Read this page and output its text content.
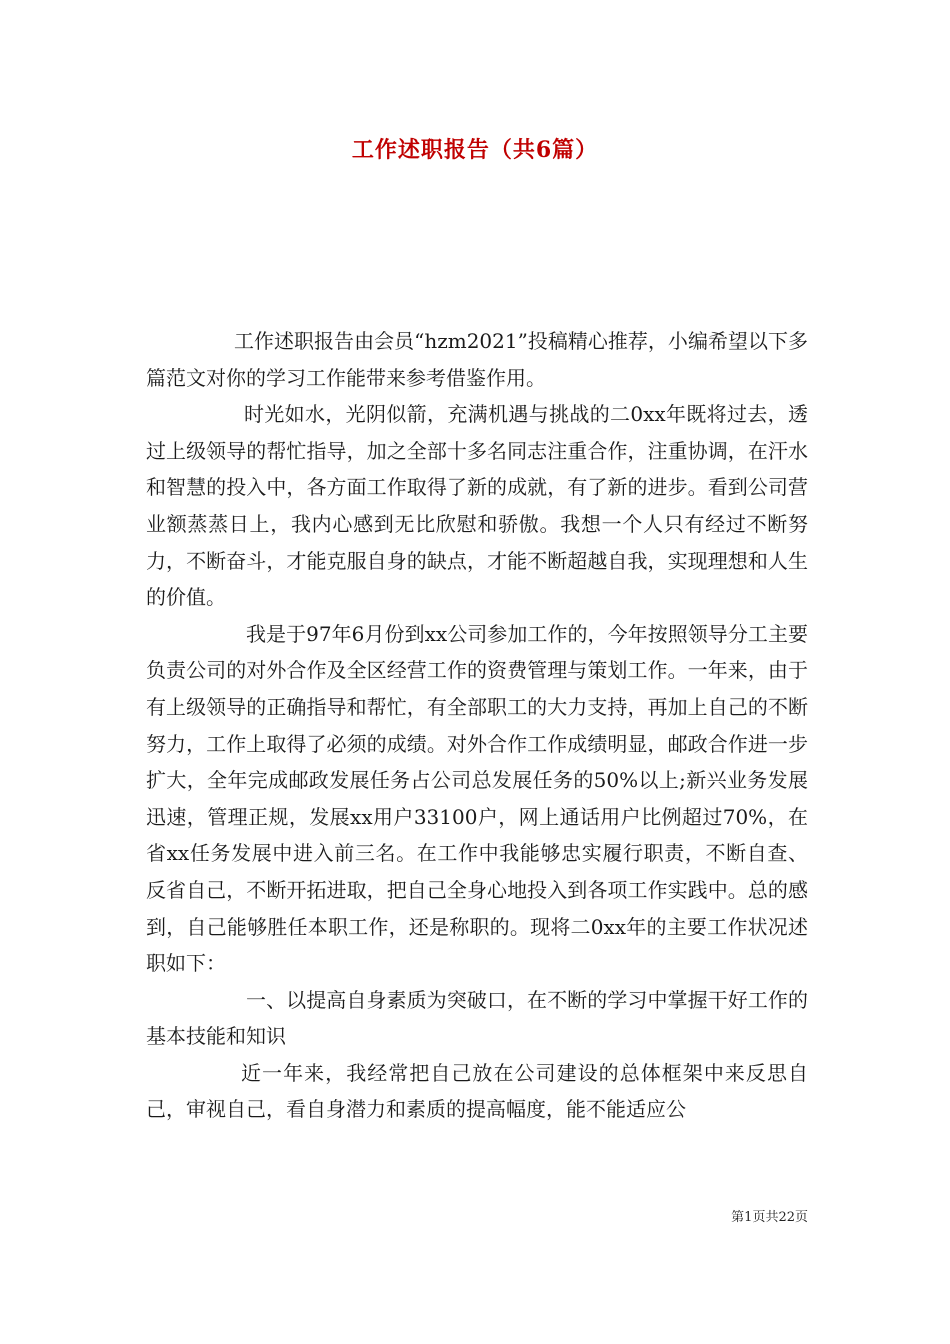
工作述职报告（共6篇）

工作述职报告由会员“hzm2021”投稿精心推荐，小编希望以下多篇范文对你的学习工作能带来参考借鉴作用。

时光如水，光阴似箭，充满机遇与挑战的二0xx年既将过去，透过上级领导的帮忙指导，加之全部十多名同志注重合作，注重协调，在汗水和智慧的投入中，各方面工作取得了新的成就，有了新的进步。看到公司营业额蒸蒸日上，我内心感到无比欣慰和骄傲。我想一个人只有经过不断努力，不断奋斗，才能克服自身的缺点，才能不断超越自我，实现理想和人生的价值。

我是于97年6月份到xx公司参加工作的，今年按照领导分工主要负责公司的对外合作及全区经营工作的资费管理与策划工作。一年来，由于有上级领导的正确指导和帮忙，有全部职工的大力支持，再加上自己的不断努力，工作上取得了必须的成绩。对外合作工作成绩明显，邮政合作进一步扩大，全年完成邮政发展任务占公司总发展任务的50%以上;新兴业务发展迅速，管理正规，发展xx用户33100户，网上通话用户比例超过70%，在省xx任务发展中进入前三名。在工作中我能够忠实履行职责，不断自查、反省自己，不断开拓进取，把自己全身心地投入到各项工作实践中。总的感到，自己能够胜任本职工作，还是称职的。现将二0xx年的主要工作状况述职如下：

一、以提高自身素质为突破口，在不断的学习中掌握干好工作的基本技能和知识

近一年来，我经常把自己放在公司建设的总体框架中来反思自己，审视自己，看自身潜力和素质的提高幅度，能不能适应公

第1页共22页
